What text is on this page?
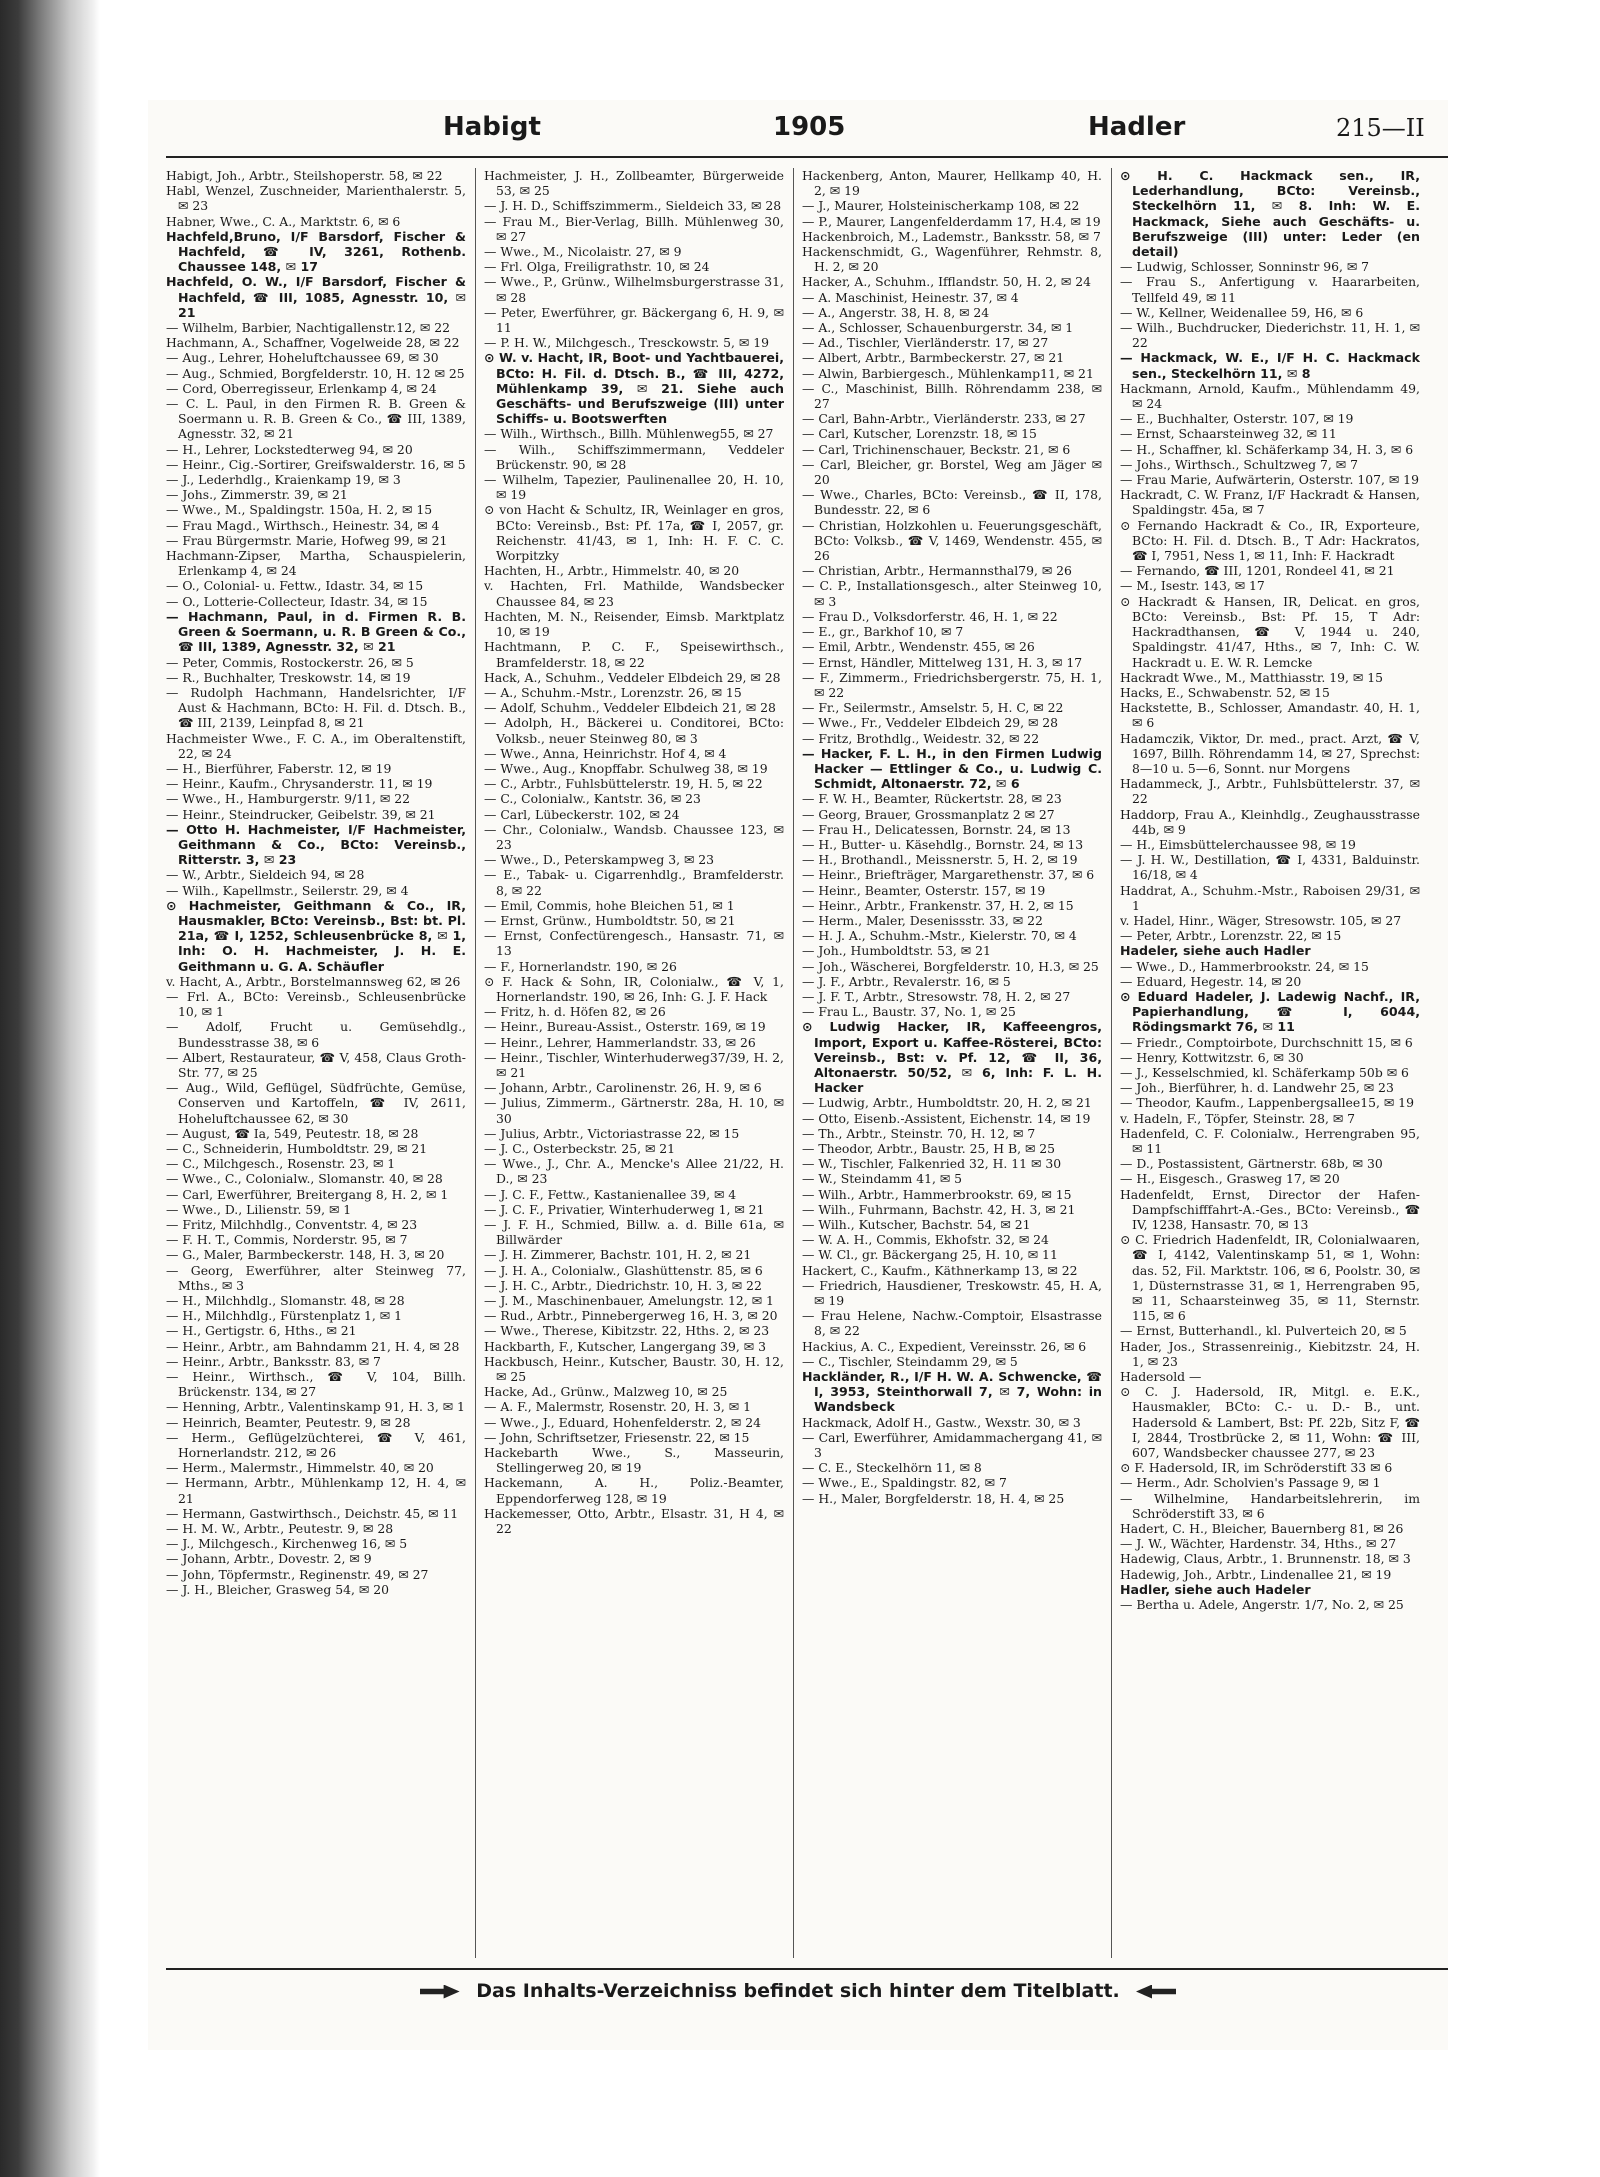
Habigt	1905	Hadler	215—II

Habigt, Joh., Arbtr., Steilshoperstr. 58, ✉ 22

Habl, Wenzel, Zuschneider, Marienthalerstr. 5, ✉ 23

Habner, Wwe., C. A., Marktstr. 6, ✉ 6

Hachfeld,Bruno, I/F Barsdorf, Fischer & Hachfeld, ☎ IV, 3261, Rothenb. Chaussee 148, ✉ 17

Hachfeld, O. W., I/F Barsdorf, Fischer & Hachfeld, ☎ III, 1085, Agnesstr. 10, ✉ 21

— Wilhelm, Barbier, Nachtigallenstr.12, ✉ 22

Hachmann, A., Schaffner, Vogelweide 28, ✉ 22

— Aug., Lehrer, Hoheluftchaussee 69, ✉ 30

— Aug., Schmied, Borgfelderstr. 10, H. 12 ✉ 25

— Cord, Oberregisseur, Erlenkamp 4, ✉ 24

— C. L. Paul, in den Firmen R. B. Green & Soermann u. R. B. Green & Co., ☎ III, 1389, Agnesstr. 32, ✉ 21

— H., Lehrer, Lockstedterweg 94, ✉ 20

— Heinr., Cig.-Sortirer, Greifswalderstr. 16, ✉ 5

— J., Lederhdlg., Kraienkamp 19, ✉ 3

— Johs., Zimmerstr. 39, ✉ 21

— Wwe., M., Spaldingstr. 150a, H. 2, ✉ 15

— Frau Magd., Wirthsch., Heinestr. 34, ✉ 4

— Frau Bürgermstr. Marie, Hofweg 99, ✉ 21

Hachmann-Zipser, Martha, Schauspielerin, Erlenkamp 4, ✉ 24

— O., Colonial- u. Fettw., Idastr. 34, ✉ 15

— O., Lotterie-Collecteur, Idastr. 34, ✉ 15

— Hachmann, Paul, in d. Firmen R. B. Green & Soermann, u. R. B Green & Co., ☎ III, 1389, Agnesstr. 32, ✉ 21

— Peter, Commis, Rostockerstr. 26, ✉ 5

— R., Buchhalter, Treskowstr. 14, ✉ 19

— Rudolph Hachmann, Handelsrichter, I/F Aust & Hachmann, BCto: H. Fil. d. Dtsch. B., ☎ III, 2139, Leinpfad 8, ✉ 21

Hachmeister Wwe., F. C. A., im Oberaltenstift, 22, ✉ 24

— H., Bierführer, Faberstr. 12, ✉ 19

— Heinr., Kaufm., Chrysanderstr. 11, ✉ 19

— Wwe., H., Hamburgerstr. 9/11, ✉ 22

— Heinr., Steindrucker, Geibelstr. 39, ✉ 21

— Otto H. Hachmeister, I/F Hachmeister, Geithmann & Co., BCto: Vereinsb., Ritterstr. 3, ✉ 23

— W., Arbtr., Sieldeich 94, ✉ 28

— Wilh., Kapellmstr., Seilerstr. 29, ✉ 4

⊙ Hachmeister, Geithmann & Co., IR, Hausmakler, BCto: Vereinsb., Bst: bt. Pl. 21a, ☎ I, 1252, Schleusenbrücke 8, ✉ 1, Inh: O. H. Hachmeister, J. H. E. Geithmann u. G. A. Schäufler

v. Hacht, A., Arbtr., Borstelmannsweg 62, ✉ 26

— Frl. A., BCto: Vereinsb., Schleusenbrücke 10, ✉ 1

— Adolf, Frucht u. Gemüsehdlg., Bundesstrasse 38, ✉ 6

— Albert, Restaurateur, ☎ V, 458, Claus Groth-Str. 77, ✉ 25

— Aug., Wild, Geflügel, Südfrüchte, Gemüse, Conserven und Kartoffeln, ☎ IV, 2611, Hoheluftchaussee 62, ✉ 30

— August, ☎ Ia, 549, Peutestr. 18, ✉ 28

— C., Schneiderin, Humboldtstr. 29, ✉ 21

— C., Milchgesch., Rosenstr. 23, ✉ 1

— Wwe., C., Colonialw., Slomanstr. 40, ✉ 28

— Carl, Ewerführer, Breitergang 8, H. 2, ✉ 1

— Wwe., D., Lilienstr. 59, ✉ 1

— Fritz, Milchhdlg., Conventstr. 4, ✉ 23

— F. H. T., Commis, Norderstr. 95, ✉ 7

— G., Maler, Barmbeckerstr. 148, H. 3, ✉ 20

— Georg, Ewerführer, alter Steinweg 77, Mths., ✉ 3

— H., Milchhdlg., Slomanstr. 48, ✉ 28

— H., Milchhdlg., Fürstenplatz 1, ✉ 1

— H., Gertigstr. 6, Hths., ✉ 21

— Heinr., Arbtr., am Bahndamm 21, H. 4, ✉ 28

— Heinr., Arbtr., Banksstr. 83, ✉ 7

— Heinr., Wirthsch., ☎ V, 104, Billh. Brückenstr. 134, ✉ 27

— Henning, Arbtr., Valentinskamp 91, H. 3, ✉ 1

— Heinrich, Beamter, Peutestr. 9, ✉ 28

— Herm., Geflügelzüchterei, ☎ V, 461, Hornerlandstr. 212, ✉ 26

— Herm., Malermstr., Himmelstr. 40, ✉ 20

— Hermann, Arbtr., Mühlenkamp 12, H. 4, ✉ 21

— Hermann, Gastwirthsch., Deichstr. 45, ✉ 11

— H. M. W., Arbtr., Peutestr. 9, ✉ 28

— J., Milchgesch., Kirchenweg 16, ✉ 5

— Johann, Arbtr., Dovestr. 2, ✉ 9

— John, Töpfermstr., Reginenstr. 49, ✉ 27

— J. H., Bleicher, Grasweg 54, ✉ 20

Hachmeister, J. H., Zollbeamter, Bürgerweide 53, ✉ 25

— J. H. D., Schiffszimmerm., Sieldeich 33, ✉ 28

— Frau M., Bier-Verlag, Billh. Mühlenweg 30, ✉ 27

— Wwe., M., Nicolaistr. 27, ✉ 9

— Frl. Olga, Freiligrathstr. 10, ✉ 24

— Wwe., P., Grünw., Wilhelmsburgerstrasse 31, ✉ 28

— Peter, Ewerführer, gr. Bäckergang 6, H. 9, ✉ 11

— P. H. W., Milchgesch., Tresckowstr. 5, ✉ 19

⊙ W. v. Hacht, IR, Boot- und Yachtbauerei, BCto: H. Fil. d. Dtsch. B., ☎ III, 4272, Mühlenkamp 39, ✉ 21. Siehe auch Geschäfts- und Berufszweige (III) unter Schiffs- u. Bootswerften

— Wilh., Wirthsch., Billh. Mühlenweg55, ✉ 27

— Wilh., Schiffszimmermann, Veddeler Brückenstr. 90, ✉ 28

— Wilhelm, Tapezier, Paulinenallee 20, H. 10, ✉ 19

⊙ von Hacht & Schultz, IR, Weinlager en gros, BCto: Vereinsb., Bst: Pf. 17a, ☎ I, 2057, gr. Reichenstr. 41/43, ✉ 1, Inh: H. F. C. C. Worpitzky

Hachten, H., Arbtr., Himmelstr. 40, ✉ 20

v. Hachten, Frl. Mathilde, Wandsbecker Chaussee 84, ✉ 23

Hachten, M. N., Reisender, Eimsb. Marktplatz 10, ✉ 19

Hachtmann, P. C. F., Speisewirthsch., Bramfelderstr. 18, ✉ 22

Hack, A., Schuhm., Veddeler Elbdeich 29, ✉ 28

— A., Schuhm.-Mstr., Lorenzstr. 26, ✉ 15

— Adolf, Schuhm., Veddeler Elbdeich 21, ✉ 28

— Adolph, H., Bäckerei u. Conditorei, BCto: Volksb., neuer Steinweg 80, ✉ 3

— Wwe., Anna, Heinrichstr. Hof 4, ✉ 4

— Wwe., Aug., Knopffabr. Schulweg 38, ✉ 19

— C., Arbtr., Fuhlsbüttelerstr. 19, H. 5, ✉ 22

— C., Colonialw., Kantstr. 36, ✉ 23

— Carl, Lübeckerstr. 102, ✉ 24

— Chr., Colonialw., Wandsb. Chaussee 123, ✉ 23

— Wwe., D., Peterskampweg 3, ✉ 23

— E., Tabak- u. Cigarrenhdlg., Bramfelderstr. 8, ✉ 22

— Emil, Commis, hohe Bleichen 51, ✉ 1

— Ernst, Grünw., Humboldtstr. 50, ✉ 21

— Ernst, Confectürengesch., Hansastr. 71, ✉ 13

— F., Hornerlandstr. 190, ✉ 26

⊙ F. Hack & Sohn, IR, Colonialw., ☎ V, 1, Hornerlandstr. 190, ✉ 26, Inh: G. J. F. Hack

— Fritz, h. d. Höfen 82, ✉ 26

— Heinr., Bureau-Assist., Osterstr. 169, ✉ 19

— Heinr., Lehrer, Hammerlandstr. 33, ✉ 26

— Heinr., Tischler, Winterhuderweg37/39, H. 2, ✉ 21

— Johann, Arbtr., Carolinenstr. 26, H. 9, ✉ 6

— Julius, Zimmerm., Gärtnerstr. 28a, H. 10, ✉ 30

— Julius, Arbtr., Victoriastrasse 22, ✉ 15

— J. C., Osterbeckstr. 25, ✉ 21

— Wwe., J., Chr. A., Mencke's Allee 21/22, H. D., ✉ 23

— J. C. F., Fettw., Kastanienallee 39, ✉ 4

— J. C. F., Privatier, Winterhuderweg 1, ✉ 21

— J. F. H., Schmied, Billw. a. d. Bille 61a, ✉ Billwärder

— J. H. Zimmerer, Bachstr. 101, H. 2, ✉ 21

— J. H. A., Colonialw., Glashüttenstr. 85, ✉ 6

— J. H. C., Arbtr., Diedrichstr. 10, H. 3, ✉ 22

— J. M., Maschinenbauer, Amelungstr. 12, ✉ 1

— Rud., Arbtr., Pinnebergerweg 16, H. 3, ✉ 20

— Wwe., Therese, Kibitzstr. 22, Hths. 2, ✉ 23

Hackbarth, F., Kutscher, Langergang 39, ✉ 3

Hackbusch, Heinr., Kutscher, Baustr. 30, H. 12, ✉ 25

Hacke, Ad., Grünw., Malzweg 10, ✉ 25

— A. F., Malermstr, Rosenstr. 20, H. 3, ✉ 1

— Wwe., J., Eduard, Hohenfelderstr. 2, ✉ 24

— John, Schriftsetzer, Friesenstr. 22, ✉ 15

Hackebarth Wwe., S., Masseurin, Stellingerweg 20, ✉ 19

Hackemann, A. H., Poliz.-Beamter, Eppendorferweg 128, ✉ 19

Hackemesser, Otto, Arbtr., Elsastr. 31, H 4, ✉ 22

Hackenberg, Anton, Maurer, Hellkamp 40, H. 2, ✉ 19

— J., Maurer, Holsteinischerkamp 108, ✉ 22

— P., Maurer, Langenfelderdamm 17, H.4, ✉ 19

Hackenbroich, M., Lademstr., Banksstr. 58, ✉ 7

Hackenschmidt, G., Wagenführer, Rehmstr. 8, H. 2, ✉ 20

Hacker, A., Schuhm., Ifflandstr. 50, H. 2, ✉ 24

— A. Maschinist, Heinestr. 37, ✉ 4

— A., Angerstr. 38, H. 8, ✉ 24

— A., Schlosser, Schauenburgerstr. 34, ✉ 1

— Ad., Tischler, Vierländerstr. 17, ✉ 27

— Albert, Arbtr., Barmbeckerstr. 27, ✉ 21

— Alwin, Barbiergesch., Mühlenkamp11, ✉ 21

— C., Maschinist, Billh. Röhrendamm 238, ✉ 27

— Carl, Bahn-Arbtr., Vierländerstr. 233, ✉ 27

— Carl, Kutscher, Lorenzstr. 18, ✉ 15

— Carl, Trichinenschauer, Beckstr. 21, ✉ 6

— Carl, Bleicher, gr. Borstel, Weg am Jäger ✉ 20

— Wwe., Charles, BCto: Vereinsb., ☎ II, 178, Bundesstr. 22, ✉ 6

— Christian, Holzkohlen u. Feuerungsgeschäft, BCto: Volksb., ☎ V, 1469, Wendenstr. 455, ✉ 26

— Christian, Arbtr., Hermannsthal79, ✉ 26

— C. P., Installationsgesch., alter Steinweg 10, ✉ 3

— Frau D., Volksdorferstr. 46, H. 1, ✉ 22

— E., gr., Barkhof 10, ✉ 7

— Emil, Arbtr., Wendenstr. 455, ✉ 26

— Ernst, Händler, Mittelweg 131, H. 3, ✉ 17

— F., Zimmerm., Friedrichsbergerstr. 75, H. 1, ✉ 22

— Fr., Seilermstr., Amselstr. 5, H. C, ✉ 22

— Wwe., Fr., Veddeler Elbdeich 29, ✉ 28

— Fritz, Brothdlg., Weidestr. 32, ✉ 22

— Hacker, F. L. H., in den Firmen Ludwig Hacker — Ettlinger & Co., u. Ludwig C. Schmidt, Altonaerstr. 72, ✉ 6

— F. W. H., Beamter, Rückertstr. 28, ✉ 23

— Georg, Brauer, Grossmanplatz 2 ✉ 27

— Frau H., Delicatessen, Bornstr. 24, ✉ 13

— H., Butter- u. Käsehdlg., Bornstr. 24, ✉ 13

— H., Brothandl., Meissnerstr. 5, H. 2, ✉ 19

— Heinr., Briefträger, Margarethenstr. 37, ✉ 6

— Heinr., Beamter, Osterstr. 157, ✉ 19

— Heinr., Arbtr., Frankenstr. 37, H. 2, ✉ 15

— Herm., Maler, Desenissstr. 33, ✉ 22

— H. J. A., Schuhm.-Mstr., Kielerstr. 70, ✉ 4

— Joh., Humboldtstr. 53, ✉ 21

— Joh., Wäscherei, Borgfelderstr. 10, H.3, ✉ 25

— J. F., Arbtr., Revalerstr. 16, ✉ 5

— J. F. T., Arbtr., Stresowstr. 78, H. 2, ✉ 27

— Frau L., Baustr. 37, No. 1, ✉ 25

⊙ Ludwig Hacker, IR, Kaffeeengros, Import, Export u. Kaffee-Rösterei, BCto: Vereinsb., Bst: v. Pf. 12, ☎ II, 36, Altonaerstr. 50/52, ✉ 6, Inh: F. L. H. Hacker

— Ludwig, Arbtr., Humboldtstr. 20, H. 2, ✉ 21

— Otto, Eisenb.-Assistent, Eichenstr. 14, ✉ 19

— Th., Arbtr., Steinstr. 70, H. 12, ✉ 7

— Theodor, Arbtr., Baustr. 25, H B, ✉ 25

— W., Tischler, Falkenried 32, H. 11 ✉ 30

— W., Steindamm 41, ✉ 5

— Wilh., Arbtr., Hammerbrookstr. 69, ✉ 15

— Wilh., Fuhrmann, Bachstr. 42, H. 3, ✉ 21

— Wilh., Kutscher, Bachstr. 54, ✉ 21

— W. A. H., Commis, Ekhofstr. 32, ✉ 24

— W. Cl., gr. Bäckergang 25, H. 10, ✉ 11

Hackert, C., Kaufm., Käthnerkamp 13, ✉ 22

— Friedrich, Hausdiener, Treskowstr. 45, H. A, ✉ 19

— Frau Helene, Nachw.-Comptoir, Elsastrasse 8, ✉ 22

Hackius, A. C., Expedient, Vereinsstr. 26, ✉ 6

— C., Tischler, Steindamm 29, ✉ 5

Hackländer, R., I/F H. W. A. Schwencke, ☎ I, 3953, Steinthorwall 7, ✉ 7, Wohn: in Wandsbeck

Hackmack, Adolf H., Gastw., Wexstr. 30, ✉ 3

— Carl, Ewerführer, Amidammachergang 41, ✉ 3

— C. E., Steckelhörn 11, ✉ 8

— Wwe., E., Spaldingstr. 82, ✉ 7

— H., Maler, Borgfelderstr. 18, H. 4, ✉ 25

⊙ H. C. Hackmack sen., IR, Lederhandlung, BCto: Vereinsb., Steckelhörn 11, ✉ 8. Inh: W. E. Hackmack, Siehe auch Geschäfts- u. Berufszweige (III) unter: Leder (en detail)

— Ludwig, Schlosser, Sonninstr 96, ✉ 7

— Frau S., Anfertigung v. Haararbeiten, Tellfeld 49, ✉ 11

— W., Kellner, Weidenallee 59, H6, ✉ 6

— Wilh., Buchdrucker, Diederichstr. 11, H. 1, ✉ 22

— Hackmack, W. E., I/F H. C. Hackmack sen., Steckelhörn 11, ✉ 8

Hackmann, Arnold, Kaufm., Mühlendamm 49, ✉ 24

— E., Buchhalter, Osterstr. 107, ✉ 19

— Ernst, Schaarsteinweg 32, ✉ 11

— H., Schaffner, kl. Schäferkamp 34, H. 3, ✉ 6

— Johs., Wirthsch., Schultzweg 7, ✉ 7

— Frau Marie, Aufwärterin, Osterstr. 107, ✉ 19

Hackradt, C. W. Franz, I/F Hackradt & Hansen, Spaldingstr. 45a, ✉ 7

⊙ Fernando Hackradt & Co., IR, Exporteure, BCto: H. Fil. d. Dtsch. B., T Adr: Hackratos, ☎ I, 7951, Ness 1, ✉ 11, Inh: F. Hackradt

— Fernando, ☎ III, 1201, Rondeel 41, ✉ 21

— M., Isestr. 143, ✉ 17

⊙ Hackradt & Hansen, IR, Delicat. en gros, BCto: Vereinsb., Bst: Pf. 15, T Adr: Hackradthansen, ☎ V, 1944 u. 240, Spaldingstr. 41/47, Hths., ✉ 7, Inh: C. W. Hackradt u. E. W. R. Lemcke

Hackradt Wwe., M., Matthiasstr. 19, ✉ 15

Hacks, E., Schwabenstr. 52, ✉ 15

Hackstette, B., Schlosser, Amandastr. 40, H. 1, ✉ 6

Hadamczik, Viktor, Dr. med., pract. Arzt, ☎ V, 1697, Billh. Röhrendamm 14, ✉ 27, Sprechst: 8—10 u. 5—6, Sonnt. nur Morgens

Hadammeck, J., Arbtr., Fuhlsbüttelerstr. 37, ✉ 22

Haddorp, Frau A., Kleinhdlg., Zeughausstrasse 44b, ✉ 9

— H., Eimsbüttelerchaussee 98, ✉ 19

— J. H. W., Destillation, ☎ I, 4331, Balduinstr. 16/18, ✉ 4

Haddrat, A., Schuhm.-Mstr., Raboisen 29/31, ✉ 1

v. Hadel, Hinr., Wäger, Stresowstr. 105, ✉ 27

— Peter, Arbtr., Lorenzstr. 22, ✉ 15

Hadeler, siehe auch Hadler

— Wwe., D., Hammerbrookstr. 24, ✉ 15

— Eduard, Hegestr. 14, ✉ 20

⊙ Eduard Hadeler, J. Ladewig Nachf., IR, Papierhandlung, ☎ I, 6044, Rödingsmarkt 76, ✉ 11

— Friedr., Comptoirbote, Durchschnitt 15, ✉ 6

— Henry, Kottwitzstr. 6, ✉ 30

— J., Kesselschmied, kl. Schäferkamp 50b ✉ 6

— Joh., Bierführer, h. d. Landwehr 25, ✉ 23

— Theodor, Kaufm., Lappenbergsallee15, ✉ 19

v. Hadeln, F., Töpfer, Steinstr. 28, ✉ 7

Hadenfeld, C. F. Colonialw., Herrengraben 95, ✉ 11

— D., Postassistent, Gärtnerstr. 68b, ✉ 30

— H., Eisgesch., Grasweg 17, ✉ 20

Hadenfeldt, Ernst, Director der Hafen-Dampfschifffahrt-A.-Ges., BCto: Vereinsb., ☎ IV, 1238, Hansastr. 70, ✉ 13

⊙ C. Friedrich Hadenfeldt, IR, Colonialwaaren, ☎ I, 4142, Valentinskamp 51, ✉ 1, Wohn: das. 52, Fil. Marktstr. 106, ✉ 6, Poolstr. 30, ✉ 1, Düsternstrasse 31, ✉ 1, Herrengraben 95, ✉ 11, Schaarsteinweg 35, ✉ 11, Sternstr. 115, ✉ 6

— Ernst, Butterhandl., kl. Pulverteich 20, ✉ 5

Hader, Jos., Strassenreinig., Kiebitzstr. 24, H. 1, ✉ 23

Hadersold —

⊙ C. J. Hadersold, IR, Mitgl. e. E.K., Hausmakler, BCto: C.- u. D.- B., unt. Hadersold & Lambert, Bst: Pf. 22b, Sitz F, ☎ I, 2844, Trostbrücke 2, ✉ 11, Wohn: ☎ III, 607, Wandsbecker chaussee 277, ✉ 23

⊙ F. Hadersold, IR, im Schröderstift 33 ✉ 6

— Herm., Adr. Scholvien's Passage 9, ✉ 1

— Wilhelmine, Handarbeitslehrerin, im Schröderstift 33, ✉ 6

Hadert, C. H., Bleicher, Bauernberg 81, ✉ 26

— J. W., Wächter, Hardenstr. 34, Hths., ✉ 27

Hadewig, Claus, Arbtr., 1. Brunnenstr. 18, ✉ 3

Hadewig, Joh., Arbtr., Lindenallee 21, ✉ 19

Hadler, siehe auch Hadeler

— Bertha u. Adele, Angerstr. 1/7, No. 2, ✉ 25

Das Inhalts-Verzeichniss befindet sich hinter dem Titelblatt.
